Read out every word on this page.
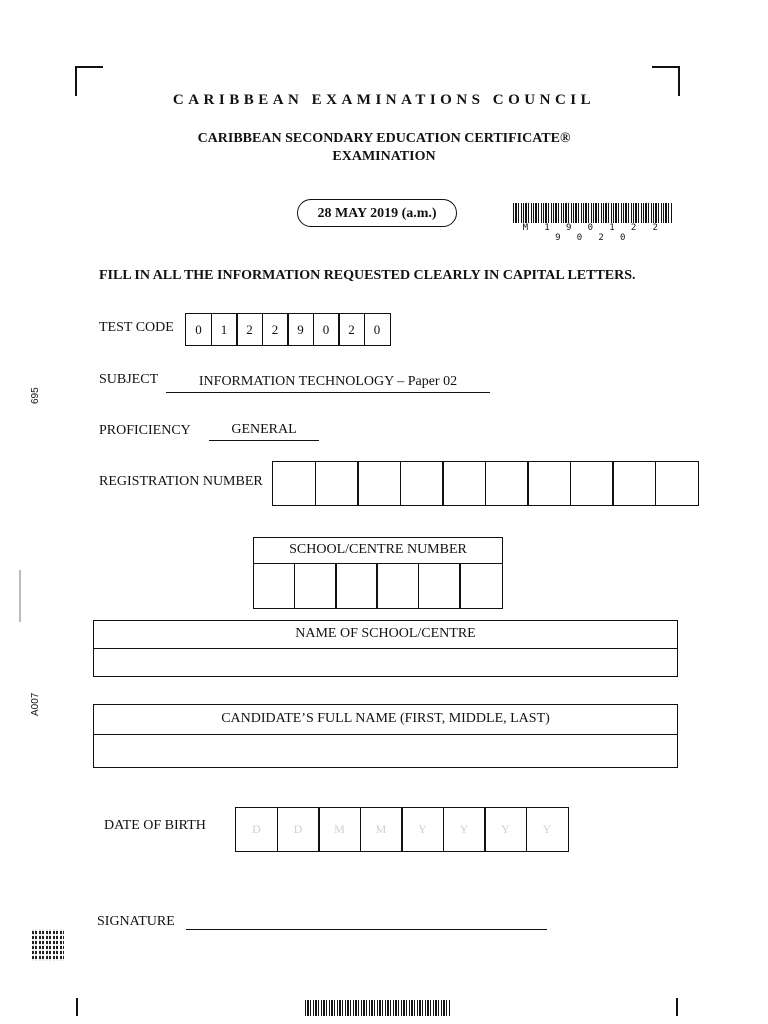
695
A007
CARIBBEAN EXAMINATIONS COUNCIL
CARIBBEAN SECONDARY EDUCATION CERTIFICATE®
EXAMINATION
28 MAY 2019 (a.m.)
M 1 9 0 1 2 2 9 0 2 0
FILL IN ALL THE INFORMATION REQUESTED CLEARLY IN CAPITAL LETTERS.
TEST CODE	0	1	2	2	9	0	2	0
SUBJECT	INFORMATION TECHNOLOGY – Paper 02
PROFICIENCY	GENERAL
REGISTRATION NUMBER
SCHOOL/CENTRE NUMBER
NAME OF SCHOOL/CENTRE
CANDIDATE’S FULL NAME (FIRST, MIDDLE, LAST)
DATE OF BIRTH	D	D	M	M	Y	Y	Y	Y
SIGNATURE
